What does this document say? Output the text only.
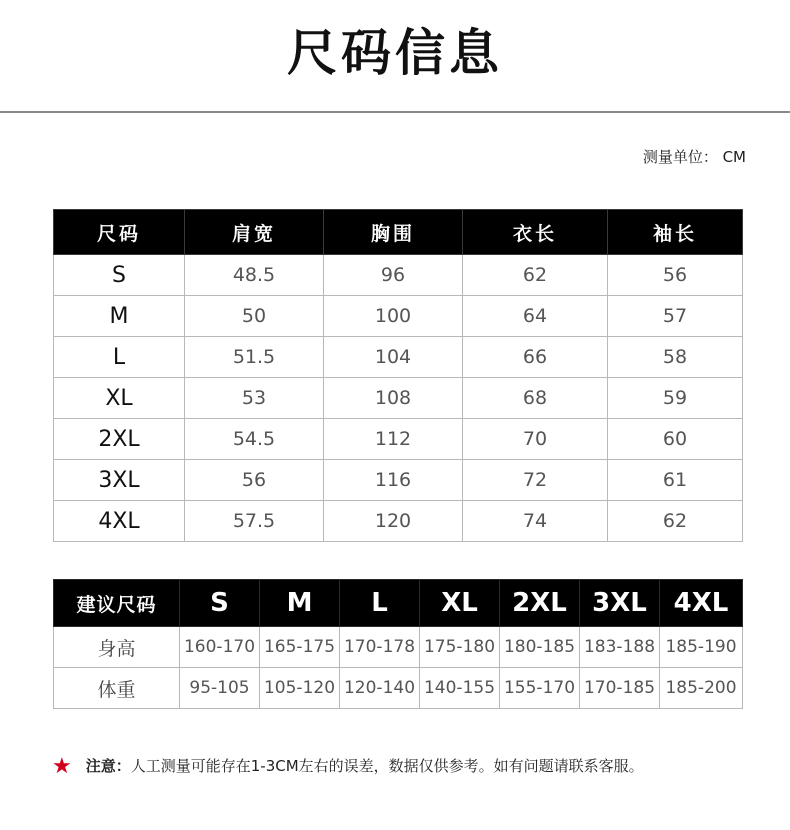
尺码信息
测量单位： CM
尺码	肩宽	胸围	衣长	袖长
S	48.5	96	62	56
M	50	100	64	57
L	51.5	104	66	58
XL	53	108	68	59
2XL	54.5	112	70	60
3XL	56	116	72	61
4XL	57.5	120	74	62
建议尺码	S	M	L	XL	2XL	3XL	4XL
身高	160-170	165-175	170-178	175-180	180-185	183-188	185-190
体重	95-105	105-120	120-140	140-155	155-170	170-185	185-200
★ 注意：人工测量可能存在1-3CM左右的误差，数据仅供参考。如有问题请联系客服。
